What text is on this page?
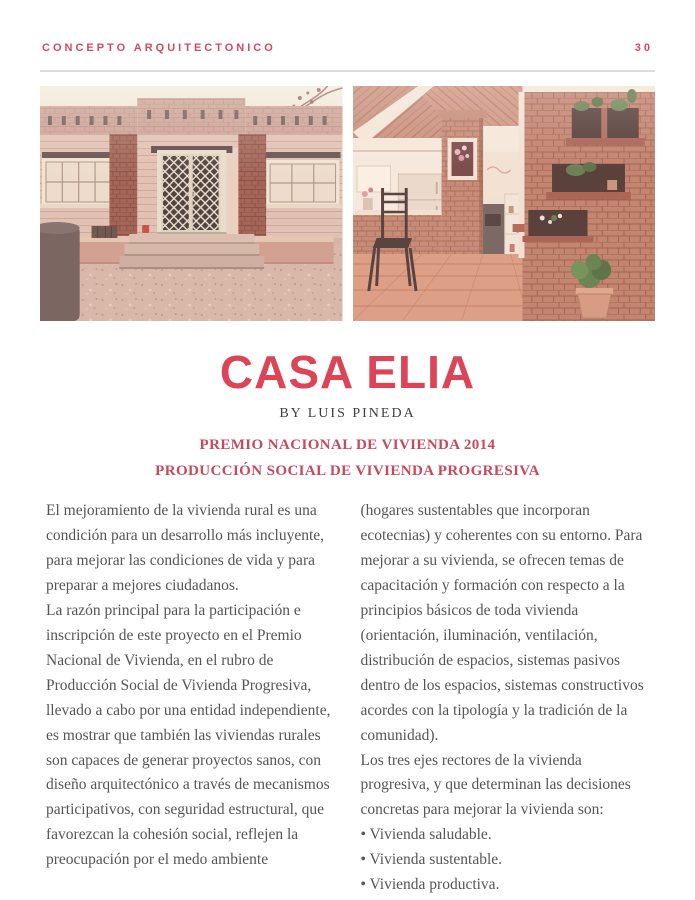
CONCEPTO ARQUITECTONICO	30
CASA ELIA
BY LUIS PINEDA
PREMIO NACIONAL DE VIVIENDA 2014
PRODUCCIÓN SOCIAL DE VIVIENDA PROGRESIVA

El mejoramiento de la vivienda rural es una condición para un desarrollo más incluyente, para mejorar las condiciones de vida y para preparar a mejores ciudadanos.

La razón principal para la participación e inscripción de este proyecto en el Premio Nacional de Vivienda, en el rubro de Producción Social de Vivienda Progresiva, llevado a cabo por una entidad independiente, es mostrar que también las viviendas rurales son capaces de generar proyectos sanos, con diseño arquitectónico a través de mecanismos participativos, con seguridad estructural, que favorezcan la cohesión social, reflejen la preocupación por el medo ambiente

(hogares sustentables que incorporan ecotecnias) y coherentes con su entorno. Para mejorar a su vivienda, se ofrecen temas de capacitación y formación con respecto a la principios básicos de toda vivienda (orientación, iluminación, ventilación, distribución de espacios, sistemas pasivos dentro de los espacios, sistemas constructivos acordes con la tipología y la tradición de la comunidad).

Los tres ejes rectores de la vivienda progresiva, y que determinan las decisiones concretas para mejorar la vivienda son:

• Vivienda saludable.

• Vivienda sustentable.

• Vivienda productiva.
